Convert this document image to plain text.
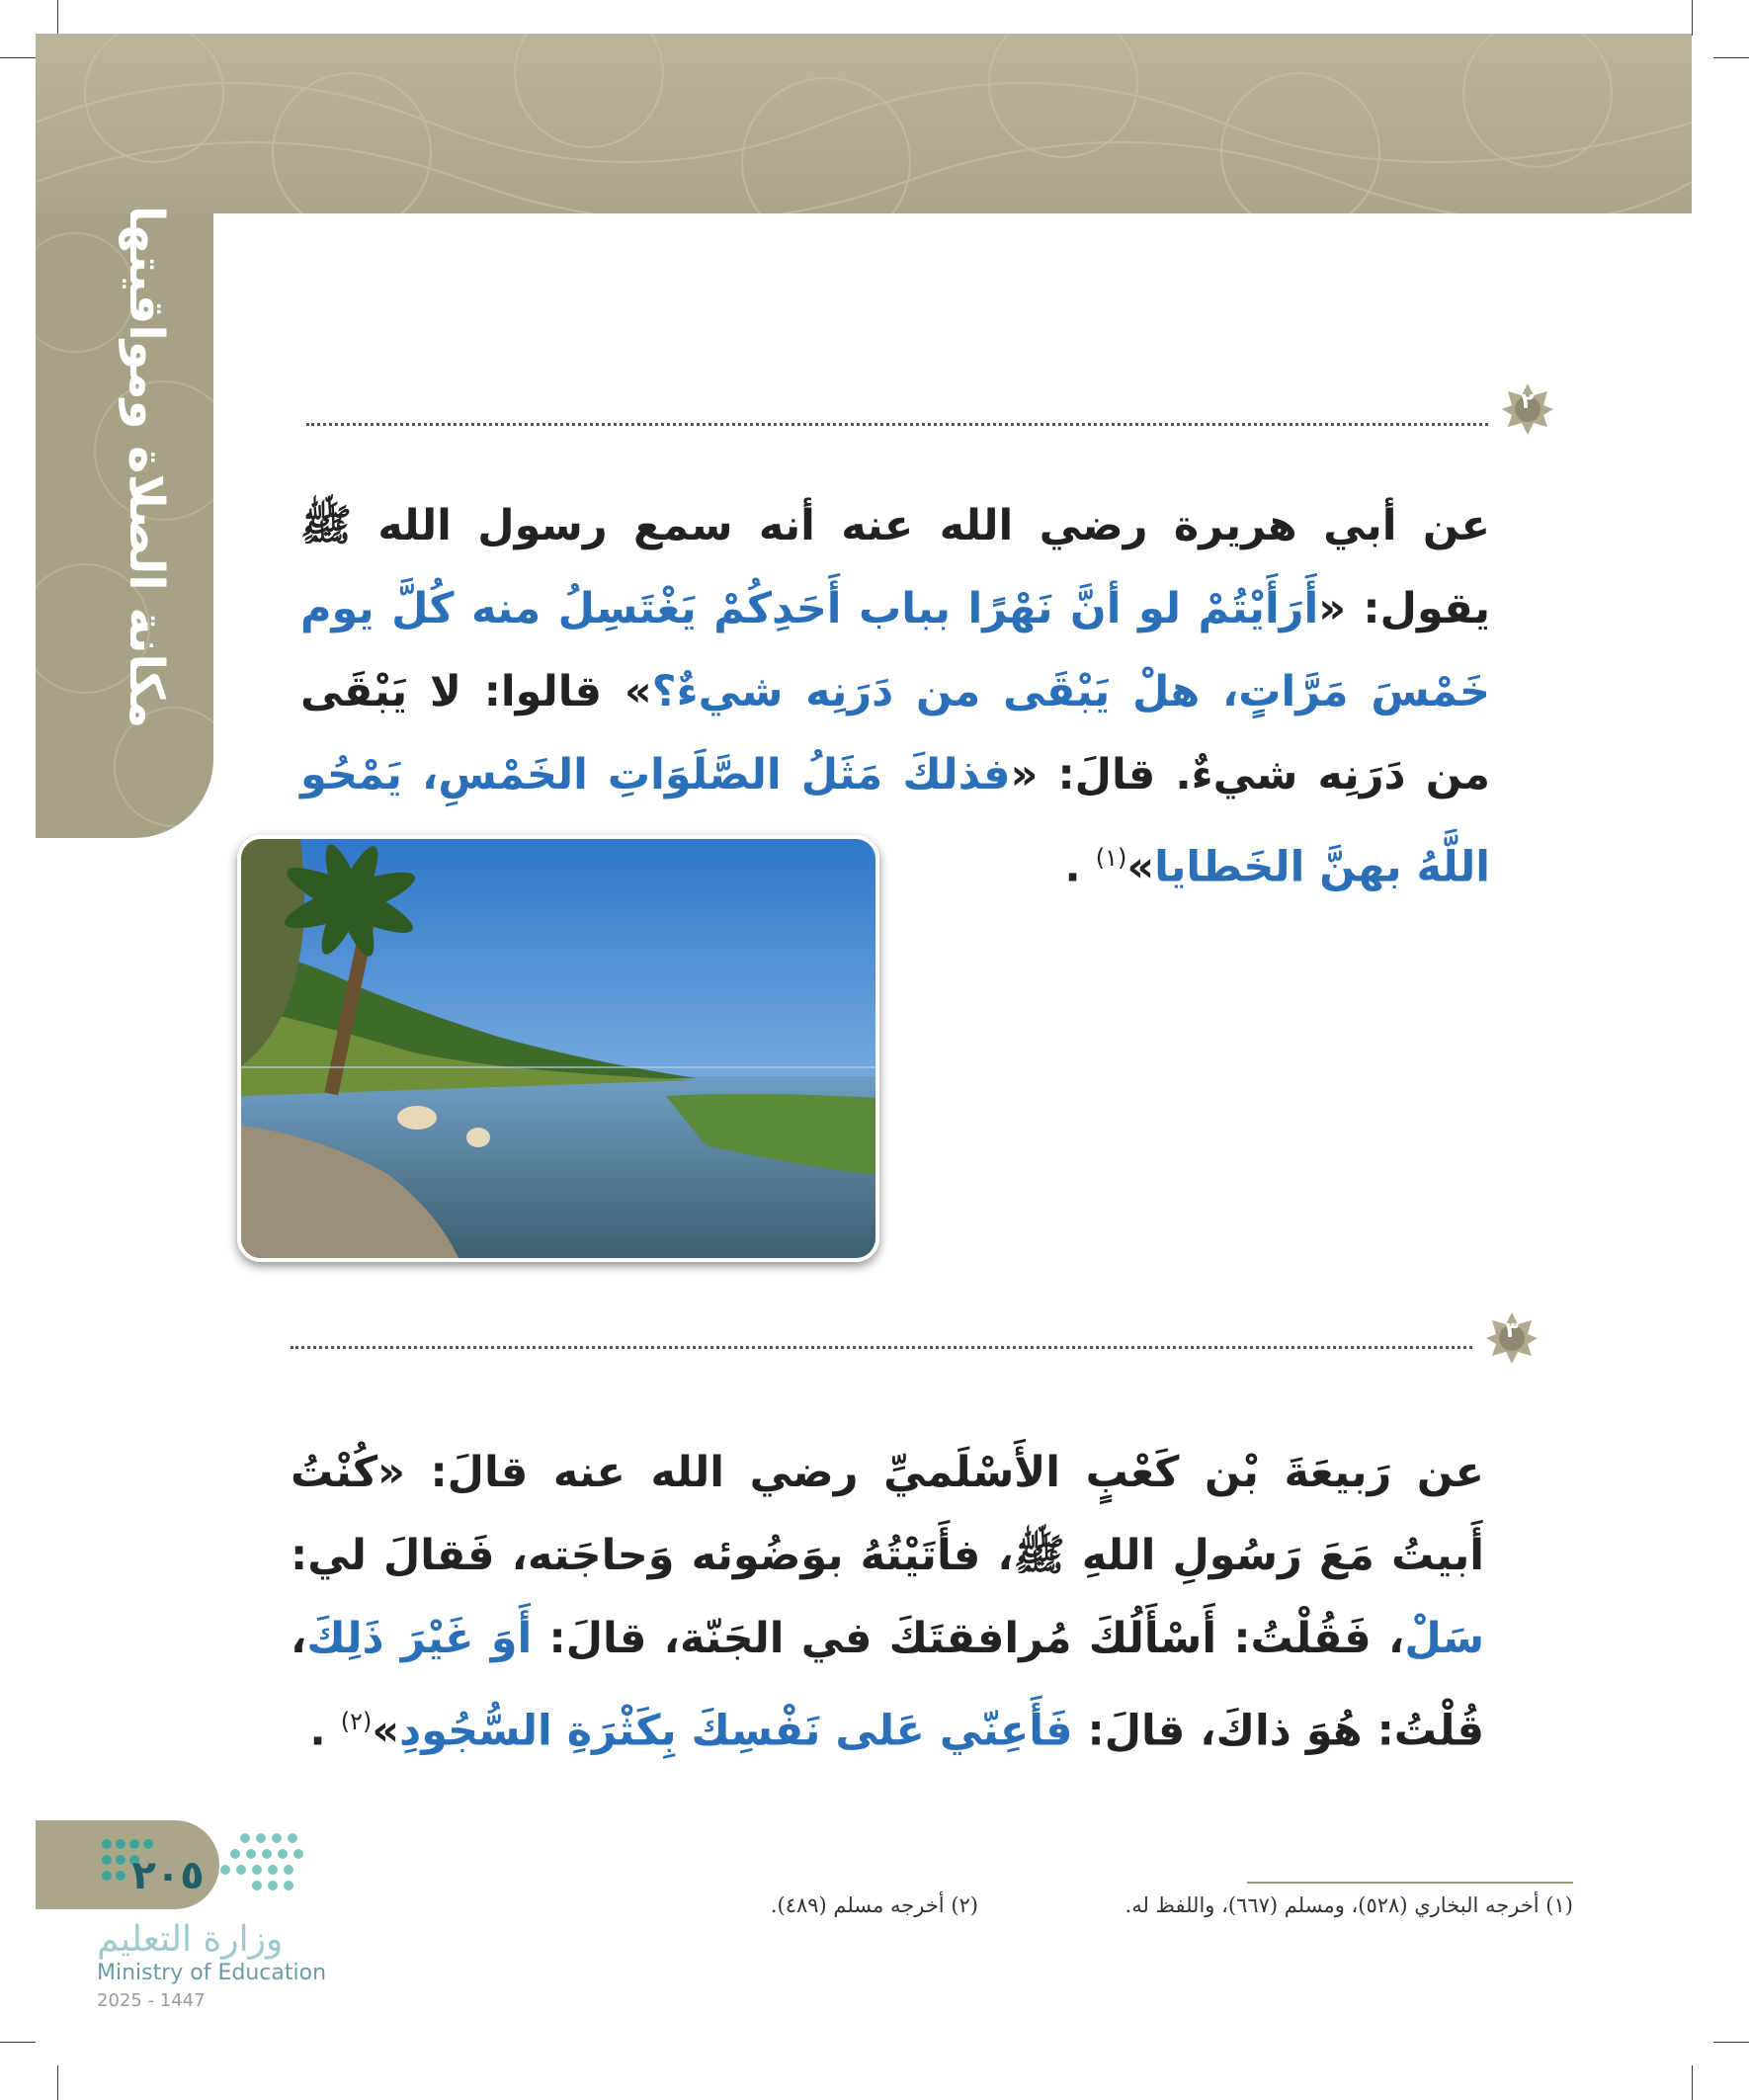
مكانة الصلاة ومواقيتها	٢
عن أبي هريرة رضي الله عنه أنه سمع رسول الله ﷺ يقول: «أَرَأَيْتُمْ لو أنَّ نَهْرًا بباب أَحَدِكُمْ يَغْتَسِلُ منه كُلَّ يوم خَمْسَ مَرَّاتٍ، هلْ يَبْقَى من دَرَنِه شيءٌ؟» قالوا: لا يَبْقَى من دَرَنِه شيءٌ. قالَ: «فذلكَ مَثَلُ الصَّلَوَاتِ الخَمْسِ، يَمْحُو اللَّهُ بهنَّ الخَطايا»$^{(١)}$ .
٣
عن رَبيعَةَ بْن كَعْبٍ الأَسْلَميِّ رضي الله عنه قالَ: «كُنْتُ أَبيتُ مَعَ رَسُولِ اللهِ ﷺ، فأَتَيْتُهُ بوَضُوئه وَحاجَته، فَقالَ لي: سَلْ، فَقُلْتُ: أَسْأَلُكَ مُرافقتَكَ في الجَنّة، قالَ: أَوَ غَيْرَ ذَلِكَ، قُلْتُ: هُوَ ذاكَ، قالَ: فَأَعِنّي عَلى نَفْسِكَ بِكَثْرَةِ السُّجُودِ»$^{(٢)}$ .
(١) أخرجه البخاري (٥٢٨)، ومسلم (٦٦٧)، واللفظ له.
(٢) أخرجه مسلم (٤٨٩).
٢٠٥
وزارة التعليم
Ministry of Education
2025 - 1447
